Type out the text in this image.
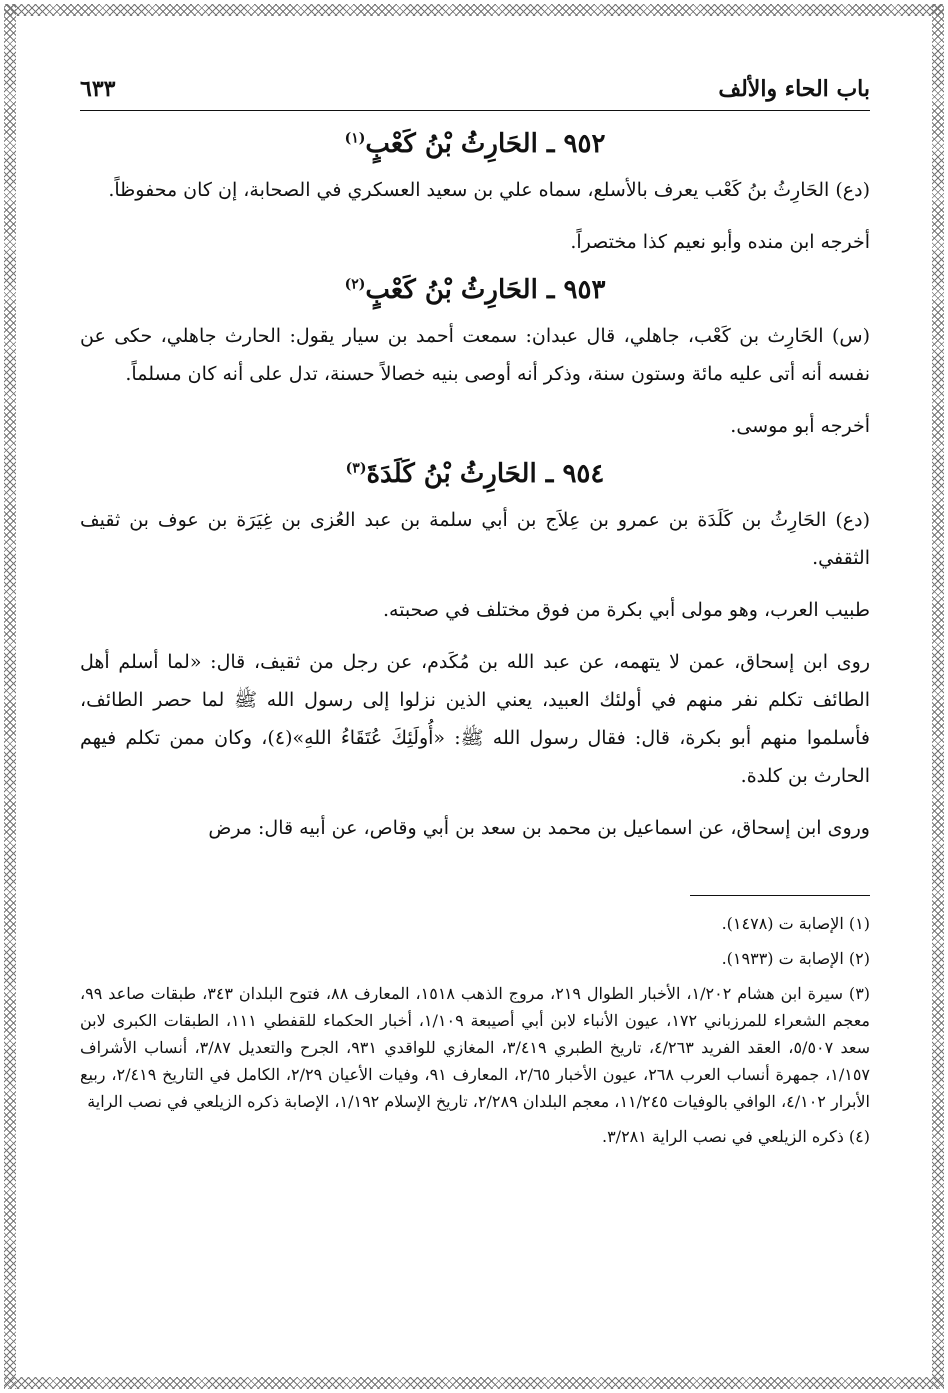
باب الحاء والألف
٦٣٣
٩٥٢ ـ الحَارِثُ بْنُ كَعْبٍ$^{(١)}$

(دع) الحَارِثُ بنُ كَعْب يعرف بالأسلع، سماه علي بن سعيد العسكري في الصحابة، إن كان محفوظاً.

أخرجه ابن منده وأبو نعيم كذا مختصراً.

٩٥٣ ـ الحَارِثُ بْنُ كَعْبٍ$^{(٢)}$

(س) الحَارِث بن كَعْب، جاهلي، قال عبدان: سمعت أحمد بن سيار يقول: الحارث جاهلي، حكى عن نفسه أنه أتى عليه مائة وستون سنة، وذكر أنه أوصى بنيه خصالاً حسنة، تدل على أنه كان مسلماً.

أخرجه أبو موسى.

٩٥٤ ـ الحَارِثُ بْنُ كَلَدَةَ$^{(٣)}$

(دع) الحَارِثُ بن كَلَدَة بن عمرو بن عِلاَج بن أبي سلمة بن عبد العُزى بن غِيَرَة بن عوف بن ثقيف الثقفي.

طبيب العرب، وهو مولى أبي بكرة من فوق مختلف في صحبته.

روى ابن إسحاق، عمن لا يتهمه، عن عبد الله بن مُكَدم، عن رجل من ثقيف، قال: «لما أسلم أهل الطائف تكلم نفر منهم في أولئك العبيد، يعني الذين نزلوا إلى رسول الله ﷺ لما حصر الطائف، فأسلموا منهم أبو بكرة، قال: فقال رسول الله ﷺ: «أُولَئِكَ عُتَقَاءُ اللهِ»(٤)، وكان ممن تكلم فيهم الحارث بن كلدة.

وروى ابن إسحاق، عن اسماعيل بن محمد بن سعد بن أبي وقاص، عن أبيه قال: مرض

(١) الإصابة ت (١٤٧٨).

(٢) الإصابة ت (١٩٣٣).

(٣) سيرة ابن هشام ١/٢٠٢، الأخبار الطوال ٢١٩، مروج الذهب ١٥١٨، المعارف ٨٨، فتوح البلدان ٣٤٣، طبقات صاعد ٩٩، معجم الشعراء للمرزباني ١٧٢، عيون الأنباء لابن أبي أصيبعة ١/١٠٩، أخبار الحكماء للقفطي ١١١، الطبقات الكبرى لابن سعد ٥/٥٠٧، العقد الفريد ٤/٢٦٣، تاريخ الطبري ٣/٤١٩، المغازي للواقدي ٩٣١، الجرح والتعديل ٣/٨٧، أنساب الأشراف ١/١٥٧، جمهرة أنساب العرب ٢٦٨، عيون الأخبار ٢/٦٥، المعارف ٩١، وفيات الأعيان ٢/٢٩، الكامل في التاريخ ٢/٤١٩، ربيع الأبرار ٤/١٠٢، الوافي بالوفيات ١١/٢٤٥، معجم البلدان ٢/٢٨٩، تاريخ الإسلام ١/١٩٢، الإصابة ذكره الزيلعي في نصب الراية

(٤) ذكره الزيلعي في نصب الراية ٣/٢٨١.
